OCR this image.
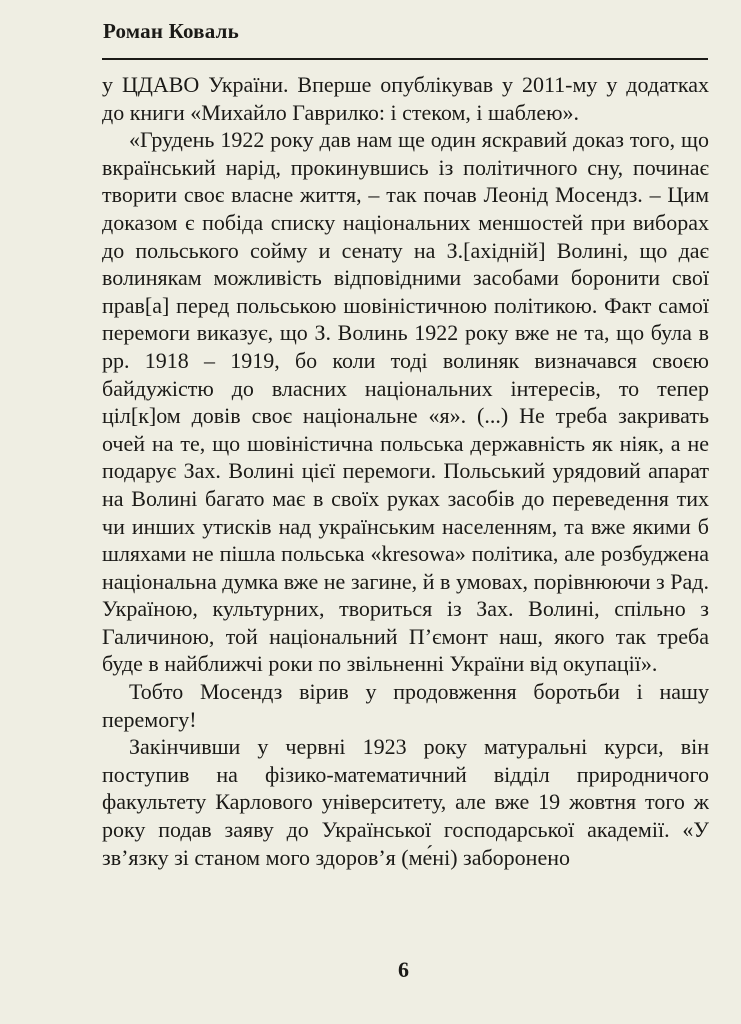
Роман Коваль

у ЦДАВО України. Вперше опублікував у 2011-му у додатках до книги «Михайло Гаврилко: і стеком, і шаблею».

«Грудень 1922 року дав нам ще один яскравий доказ того, що вкраїнський нарід, прокинувшись із політичного сну, починає творити своє власне життя, – так почав Леонід Мосендз. – Цим доказом є побіда списку національних меншостей при виборах до польського сойму и сенату на З.[ахідній] Волині, що дає волинякам можливість відповідними засобами боронити свої прав[а] перед польською шовіністичною політикою. Факт самої перемоги виказує, що З. Волинь 1922 року вже не та, що була в рр. 1918 – 1919, бо коли тоді волиняк визначався своєю байдужістю до власних національних інтересів, то тепер ціл[к]ом довів своє національне «я». (...) Не треба закривать очей на те, що шовіністична польська державність як ніяк, а не подарує Зах. Волині цієї перемоги. Польський урядовий апарат на Волині багато має в своїх руках засобів до переведення тих чи инших утисків над українським населенням, та вже якими б шляхами не пішла польська «kresowa» політика, але розбуджена національна думка вже не загине, й в умовах, порівнюючи з Рад. Україною, культурних, твориться із Зах. Волині, спільно з Галичиною, той національний П’ємонт наш, якого так треба буде в найближчі роки по звільненні України від окупації».

Тобто Мосендз вірив у продовження боротьби і нашу перемогу!

Закінчивши у червні 1923 року матуральні курси, він поступив на фізико-математичний відділ природничого факультету Карлового університету, але вже 19 жовтня того ж року подав заяву до Української господарської академії. «У зв’язку зі станом мого здоров’я (ме́ні) заборонено

6
